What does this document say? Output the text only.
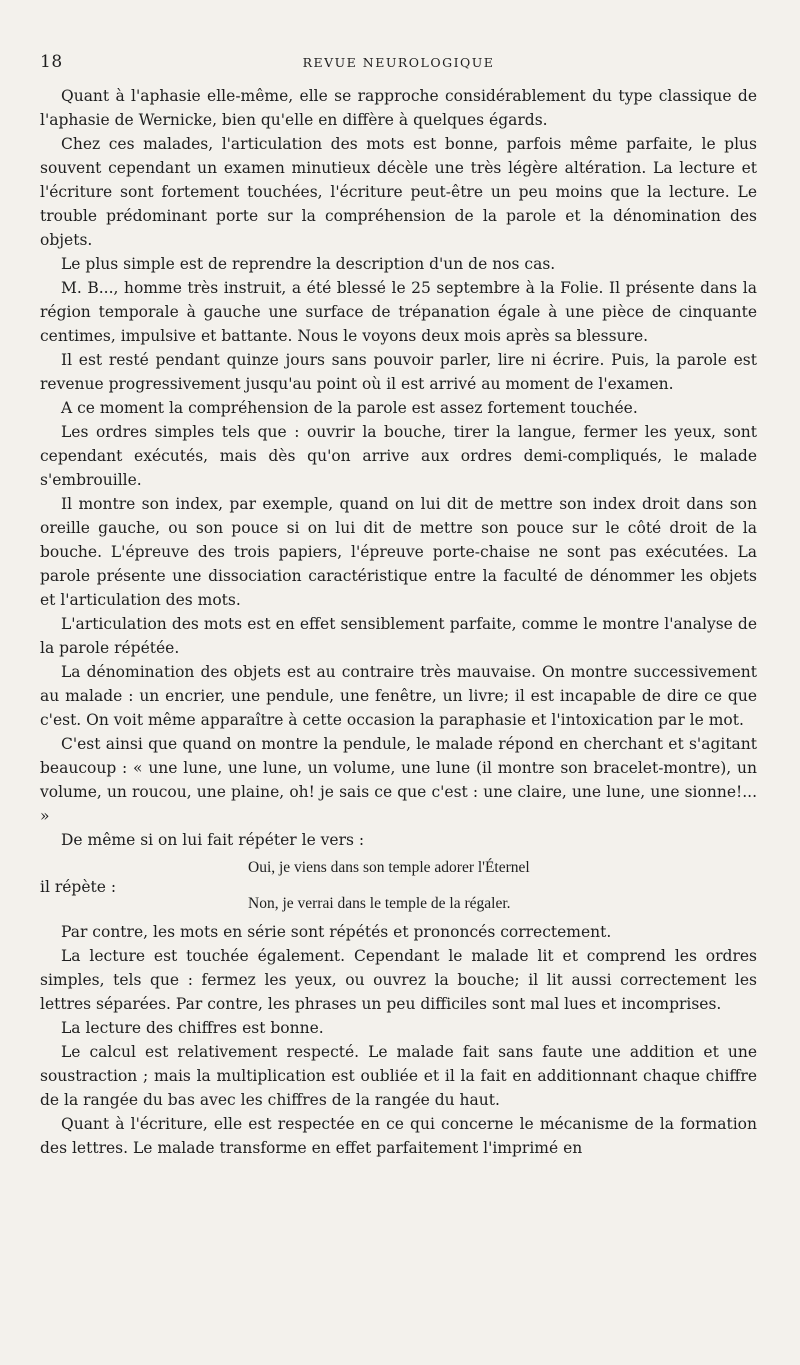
18	REVUE NEUROLOGIQUE

Quant à l'aphasie elle-même, elle se rapproche considérablement du type classique de l'aphasie de Wernicke, bien qu'elle en diffère à quelques égards.

Chez ces malades, l'articulation des mots est bonne, parfois même parfaite, le plus souvent cependant un examen minutieux décèle une très légère altération. La lecture et l'écriture sont fortement touchées, l'écriture peut-être un peu moins que la lecture. Le trouble prédominant porte sur la compréhension de la parole et la dénomination des objets.

Le plus simple est de reprendre la description d'un de nos cas.

M. B..., homme très instruit, a été blessé le 25 septembre à la Folie. Il présente dans la région temporale à gauche une surface de trépanation égale à une pièce de cinquante centimes, impulsive et battante. Nous le voyons deux mois après sa blessure.

Il est resté pendant quinze jours sans pouvoir parler, lire ni écrire. Puis, la parole est revenue progressivement jusqu'au point où il est arrivé au moment de l'examen.

A ce moment la compréhension de la parole est assez fortement touchée.

Les ordres simples tels que : ouvrir la bouche, tirer la langue, fermer les yeux, sont cependant exécutés, mais dès qu'on arrive aux ordres demi-compliqués, le malade s'embrouille.

Il montre son index, par exemple, quand on lui dit de mettre son index droit dans son oreille gauche, ou son pouce si on lui dit de mettre son pouce sur le côté droit de la bouche. L'épreuve des trois papiers, l'épreuve porte-chaise ne sont pas exécutées. La parole présente une dissociation caractéristique entre la faculté de dénommer les objets et l'articulation des mots.

L'articulation des mots est en effet sensiblement parfaite, comme le montre l'analyse de la parole répétée.

La dénomination des objets est au contraire très mauvaise. On montre successivement au malade : un encrier, une pendule, une fenêtre, un livre; il est incapable de dire ce que c'est. On voit même apparaître à cette occasion la paraphasie et l'intoxication par le mot.

C'est ainsi que quand on montre la pendule, le malade répond en cherchant et s'agitant beaucoup : « une lune, une lune, un volume, une lune (il montre son bracelet-montre), un volume, un roucou, une plaine, oh! je sais ce que c'est : une claire, une lune, une sionne!... »

De même si on lui fait répéter le vers :

Oui, je viens dans son temple adorer l'Éternel
il répète :
Non, je verrai dans le temple de la régaler.

Par contre, les mots en série sont répétés et prononcés correctement.

La lecture est touchée également. Cependant le malade lit et comprend les ordres simples, tels que : fermez les yeux, ou ouvrez la bouche; il lit aussi correctement les lettres séparées. Par contre, les phrases un peu difficiles sont mal lues et incomprises.

La lecture des chiffres est bonne.

Le calcul est relativement respecté. Le malade fait sans faute une addition et une soustraction ; mais la multiplication est oubliée et il la fait en additionnant chaque chiffre de la rangée du bas avec les chiffres de la rangée du haut.

Quant à l'écriture, elle est respectée en ce qui concerne le mécanisme de la formation des lettres. Le malade transforme en effet parfaitement l'imprimé en
